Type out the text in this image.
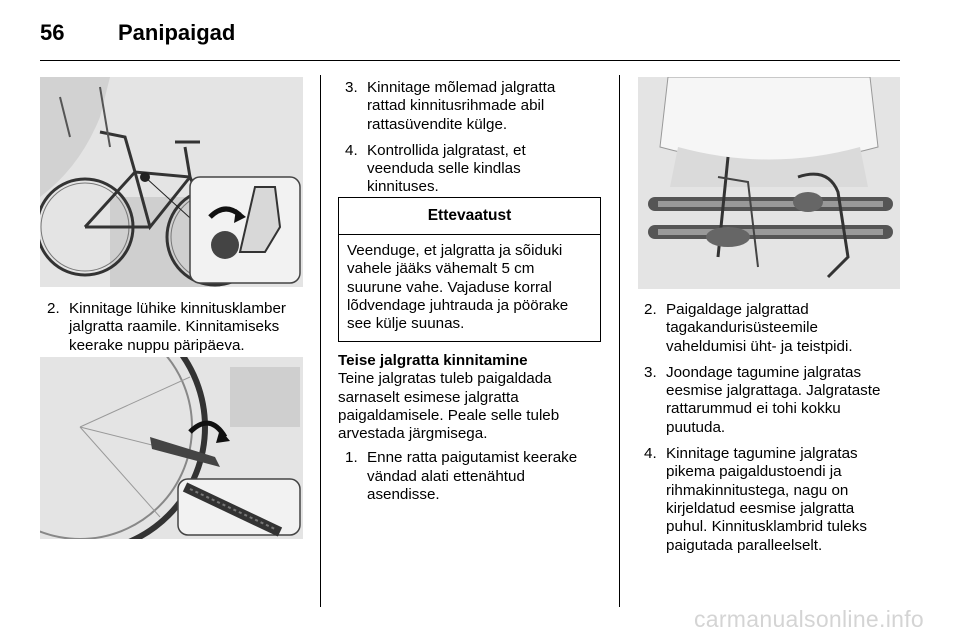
56 Panipaigad
2. Kinnitage lühike kinnitusklamber
jalgratta raamile. Kinnitamiseks
keerake nuppu päripäeva.
3. Kinnitage mõlemad jalgratta
rattad kinnitusrihmade abil
rattasüvendite külge.
4. Kontrollida jalgratast, et
veenduda selle kindlas
kinnituses.
Ettevaatust
Veenduge, et jalgratta ja sõiduki
vahele jääks vähemalt 5 cm
suurune vahe. Vajaduse korral
lõdvendage juhtrauda ja pöörake
see külje suunas.
Teise jalgratta kinnitamine
Teine jalgratas tuleb paigaldada
sarnaselt esimese jalgratta
paigaldamisele. Peale selle tuleb
arvestada järgmisega.
1. Enne ratta paigutamist keerake
vändad alati ettenähtud
asendisse.
2. Paigaldage jalgrattad
tagakandurisüsteemile
vaheldumisi üht- ja teistpidi.
3. Joondage tagumine jalgratas
eesmise jalgrattaga. Jalgrataste
rattarummud ei tohi kokku
puutuda.
4. Kinnitage tagumine jalgratas
pikema paigaldustoendi ja
rihmakinnitustega, nagu on
kirjeldatud eesmise jalgratta
puhul. Kinnitusklambrid tuleks
paigutada paralleelselt.
carmanualsonline.info
